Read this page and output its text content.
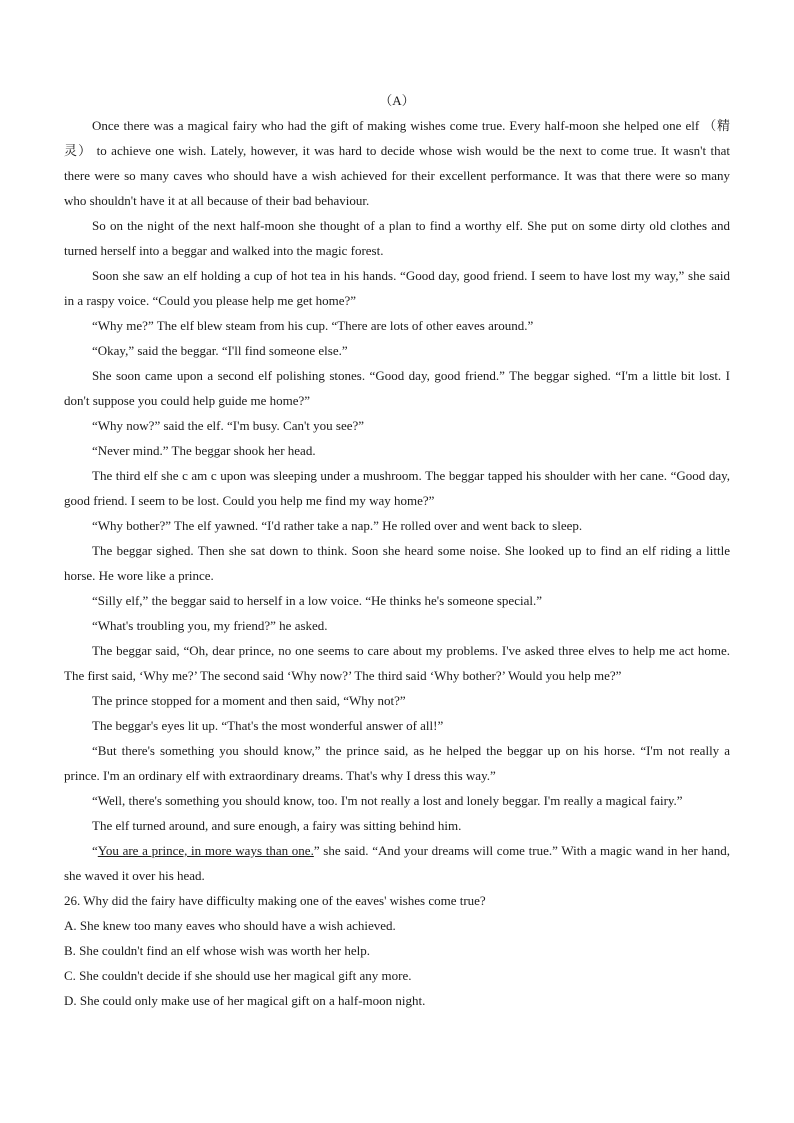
（A）

Once there was a magical fairy who had the gift of making wishes come true. Every half-moon she helped one elf （精灵） to achieve one wish. Lately, however, it was hard to decide whose wish would be the next to come true. It wasn't that there were so many caves who should have a wish achieved for their excellent performance. It was that there were so many who shouldn't have it at all because of their bad behaviour.

So on the night of the next half-moon she thought of a plan to find a worthy elf. She put on some dirty old clothes and turned herself into a beggar and walked into the magic forest.

Soon she saw an elf holding a cup of hot tea in his hands. “Good day, good friend. I seem to have lost my way,” she said in a raspy voice. “Could you please help me get home?”

“Why me?” The elf blew steam from his cup. “There are lots of other eaves around.”

“Okay,” said the beggar. “I'll find someone else.”

She soon came upon a second elf polishing stones. “Good day, good friend.” The beggar sighed. “I'm a little bit lost. I don't suppose you could help guide me home?”

“Why now?” said the elf. “I'm busy. Can't you see?”

“Never mind.” The beggar shook her head.

The third elf she c am c upon was sleeping under a mushroom. The beggar tapped his shoulder with her cane. “Good day, good friend. I seem to be lost. Could you help me find my way home?”

“Why bother?” The elf yawned. “I'd rather take a nap.” He rolled over and went back to sleep.

The beggar sighed. Then she sat down to think. Soon she heard some noise. She looked up to find an elf riding a little horse. He wore like a prince.

“Silly elf,” the beggar said to herself in a low voice. “He thinks he's someone special.”

“What's troubling you, my friend?” he asked.

The beggar said, “Oh, dear prince, no one seems to care about my problems. I've asked three elves to help me act home. The first said, ‘Why me?’ The second said ‘Why now?’ The third said ‘Why bother?’ Would you help me?”

The prince stopped for a moment and then said, “Why not?”

The beggar's eyes lit up. “That's the most wonderful answer of all!”

“But there's something you should know,” the prince said, as he helped the beggar up on his horse. “I'm not really a prince. I'm an ordinary elf with extraordinary dreams. That's why I dress this way.”

“Well, there's something you should know, too. I'm not really a lost and lonely beggar. I'm really a magical fairy.”

The elf turned around, and sure enough, a fairy was sitting behind him.

“You are a prince, in more ways than one.” she said. “And your dreams will come true.” With a magic wand in her hand, she waved it over his head.

26. Why did the fairy have difficulty making one of the eaves' wishes come true?

A. She knew too many eaves who should have a wish achieved.

B. She couldn't find an elf whose wish was worth her help.

C. She couldn't decide if she should use her magical gift any more.

D. She could only make use of her magical gift on a half-moon night.
